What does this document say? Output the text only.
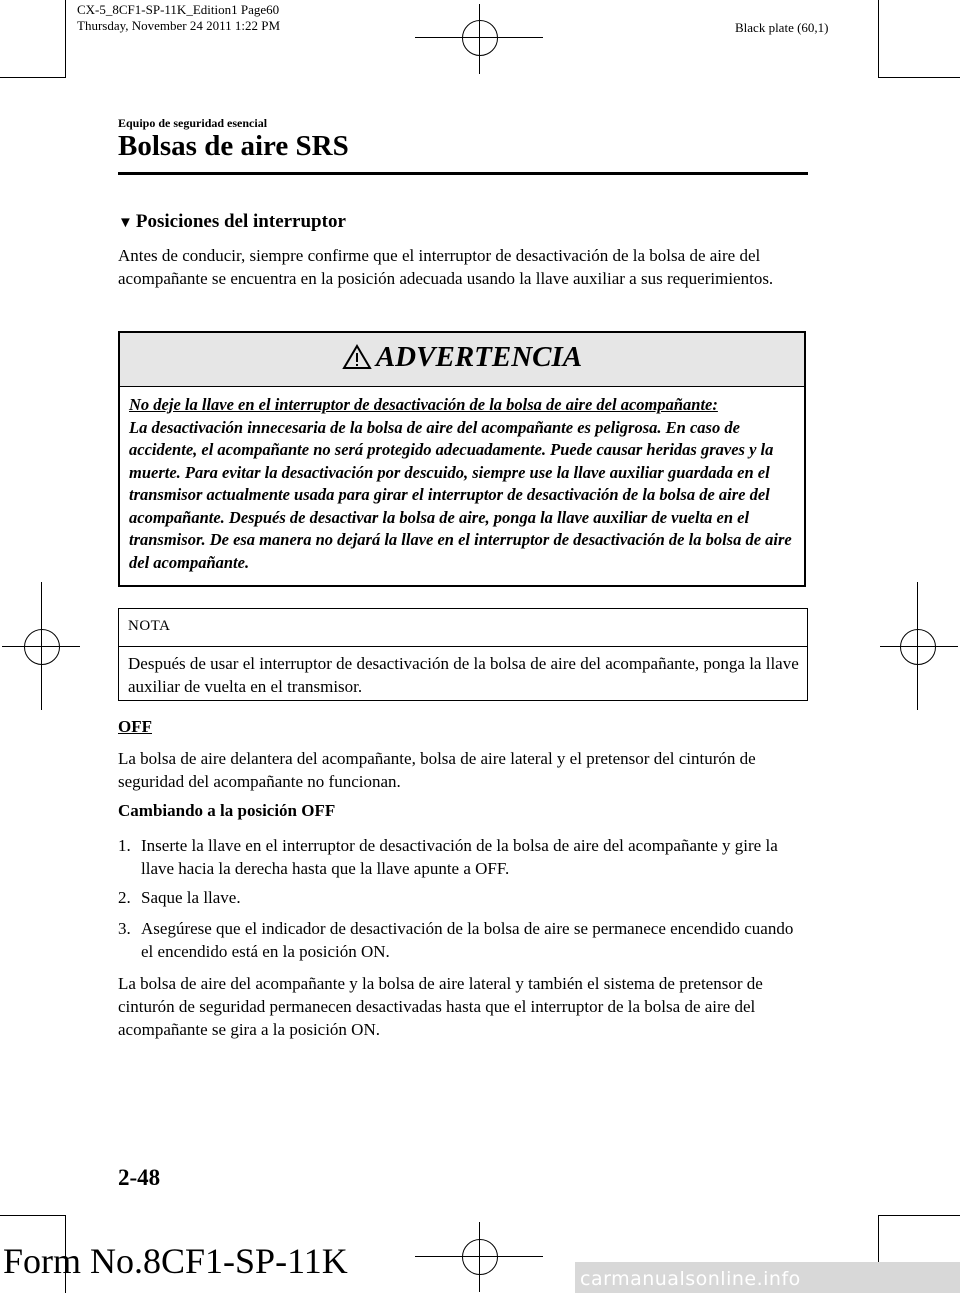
CX-5_8CF1-SP-11K_Edition1 Page60
Thursday, November 24 2011 1:22 PM	Black plate (60,1)
Equipo de seguridad esencial
Bolsas de aire SRS
▼ Posiciones del interruptor
Antes de conducir, siempre confirme que el interruptor de desactivación de la bolsa de aire del acompañante se encuentra en la posición adecuada usando la llave auxiliar a sus requerimientos.
ADVERTENCIA
No deje la llave en el interruptor de desactivación de la bolsa de aire del acompañante:
La desactivación innecesaria de la bolsa de aire del acompañante es peligrosa. En caso de accidente, el acompañante no será protegido adecuadamente. Puede causar heridas graves y la muerte. Para evitar la desactivación por descuido, siempre use la llave auxiliar guardada en el transmisor actualmente usada para girar el interruptor de desactivación de la bolsa de aire del acompañante. Después de desactivar la bolsa de aire, ponga la llave auxiliar de vuelta en el transmisor. De esa manera no dejará la llave en el interruptor de desactivación de la bolsa de aire del acompañante.
NOTA
Después de usar el interruptor de desactivación de la bolsa de aire del acompañante, ponga la llave auxiliar de vuelta en el transmisor.
OFF
La bolsa de aire delantera del acompañante, bolsa de aire lateral y el pretensor del cinturón de seguridad del acompañante no funcionan.
Cambiando a la posición OFF
1. Inserte la llave en el interruptor de desactivación de la bolsa de aire del acompañante y gire la llave hacia la derecha hasta que la llave apunte a OFF.
2. Saque la llave.
3. Asegúrese que el indicador de desactivación de la bolsa de aire se permanece encendido cuando el encendido está en la posición ON.
La bolsa de aire del acompañante y la bolsa de aire lateral y también el sistema de pretensor de cinturón de seguridad permanecen desactivadas hasta que el interruptor de la bolsa de aire del acompañante se gira a la posición ON.
2-48
Form No.8CF1-SP-11K	carmanualsonline.info
